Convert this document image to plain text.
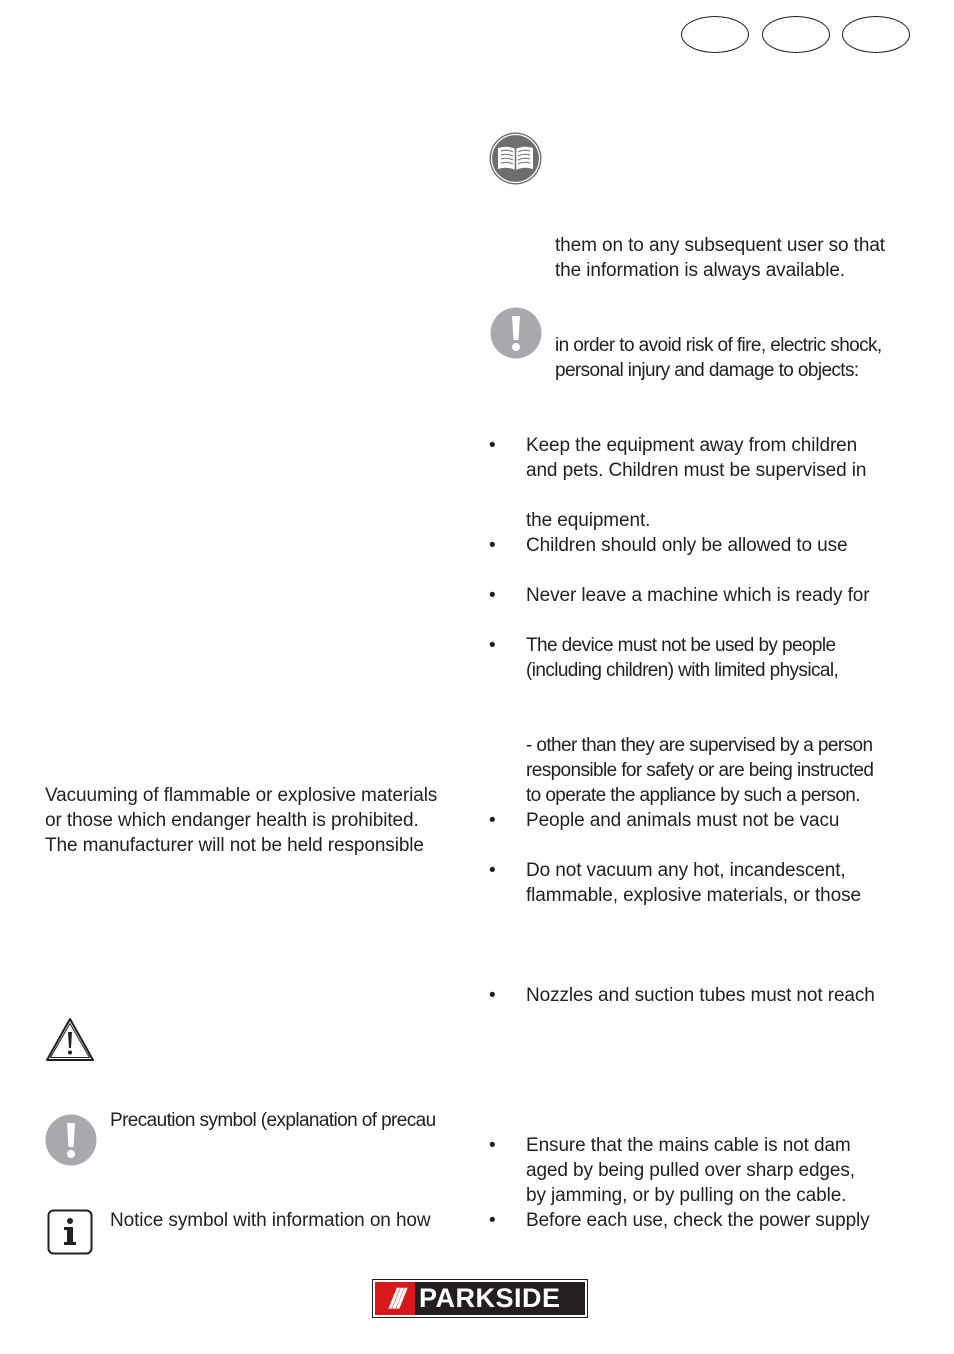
them on to any subsequent user so that
the information is always available.
in order to avoid risk of fire, electric shock,
personal injury and damage to objects:
• Keep the equipment away from children
and pets. Children must be supervised in
the equipment.
• Children should only be allowed to use
• Never leave a machine which is ready for
• The device must not be used by people
(including children) with limited physical,
- other than they are supervised by a person
responsible for safety or are being instructed
to operate the appliance by such a person.
• People and animals must not be vacu
• Do not vacuum any hot, incandescent,
flammable, explosive materials, or those
• Nozzles and suction tubes must not reach
• Ensure that the mains cable is not dam
aged by being pulled over sharp edges,
by jamming, or by pulling on the cable.
• Before each use, check the power supply
Vacuuming of flammable or explosive materials
or those which endanger health is prohibited.
The manufacturer will not be held responsible
Precaution symbol (explanation of precau
Notice symbol with information on how
/// PARKSIDE
